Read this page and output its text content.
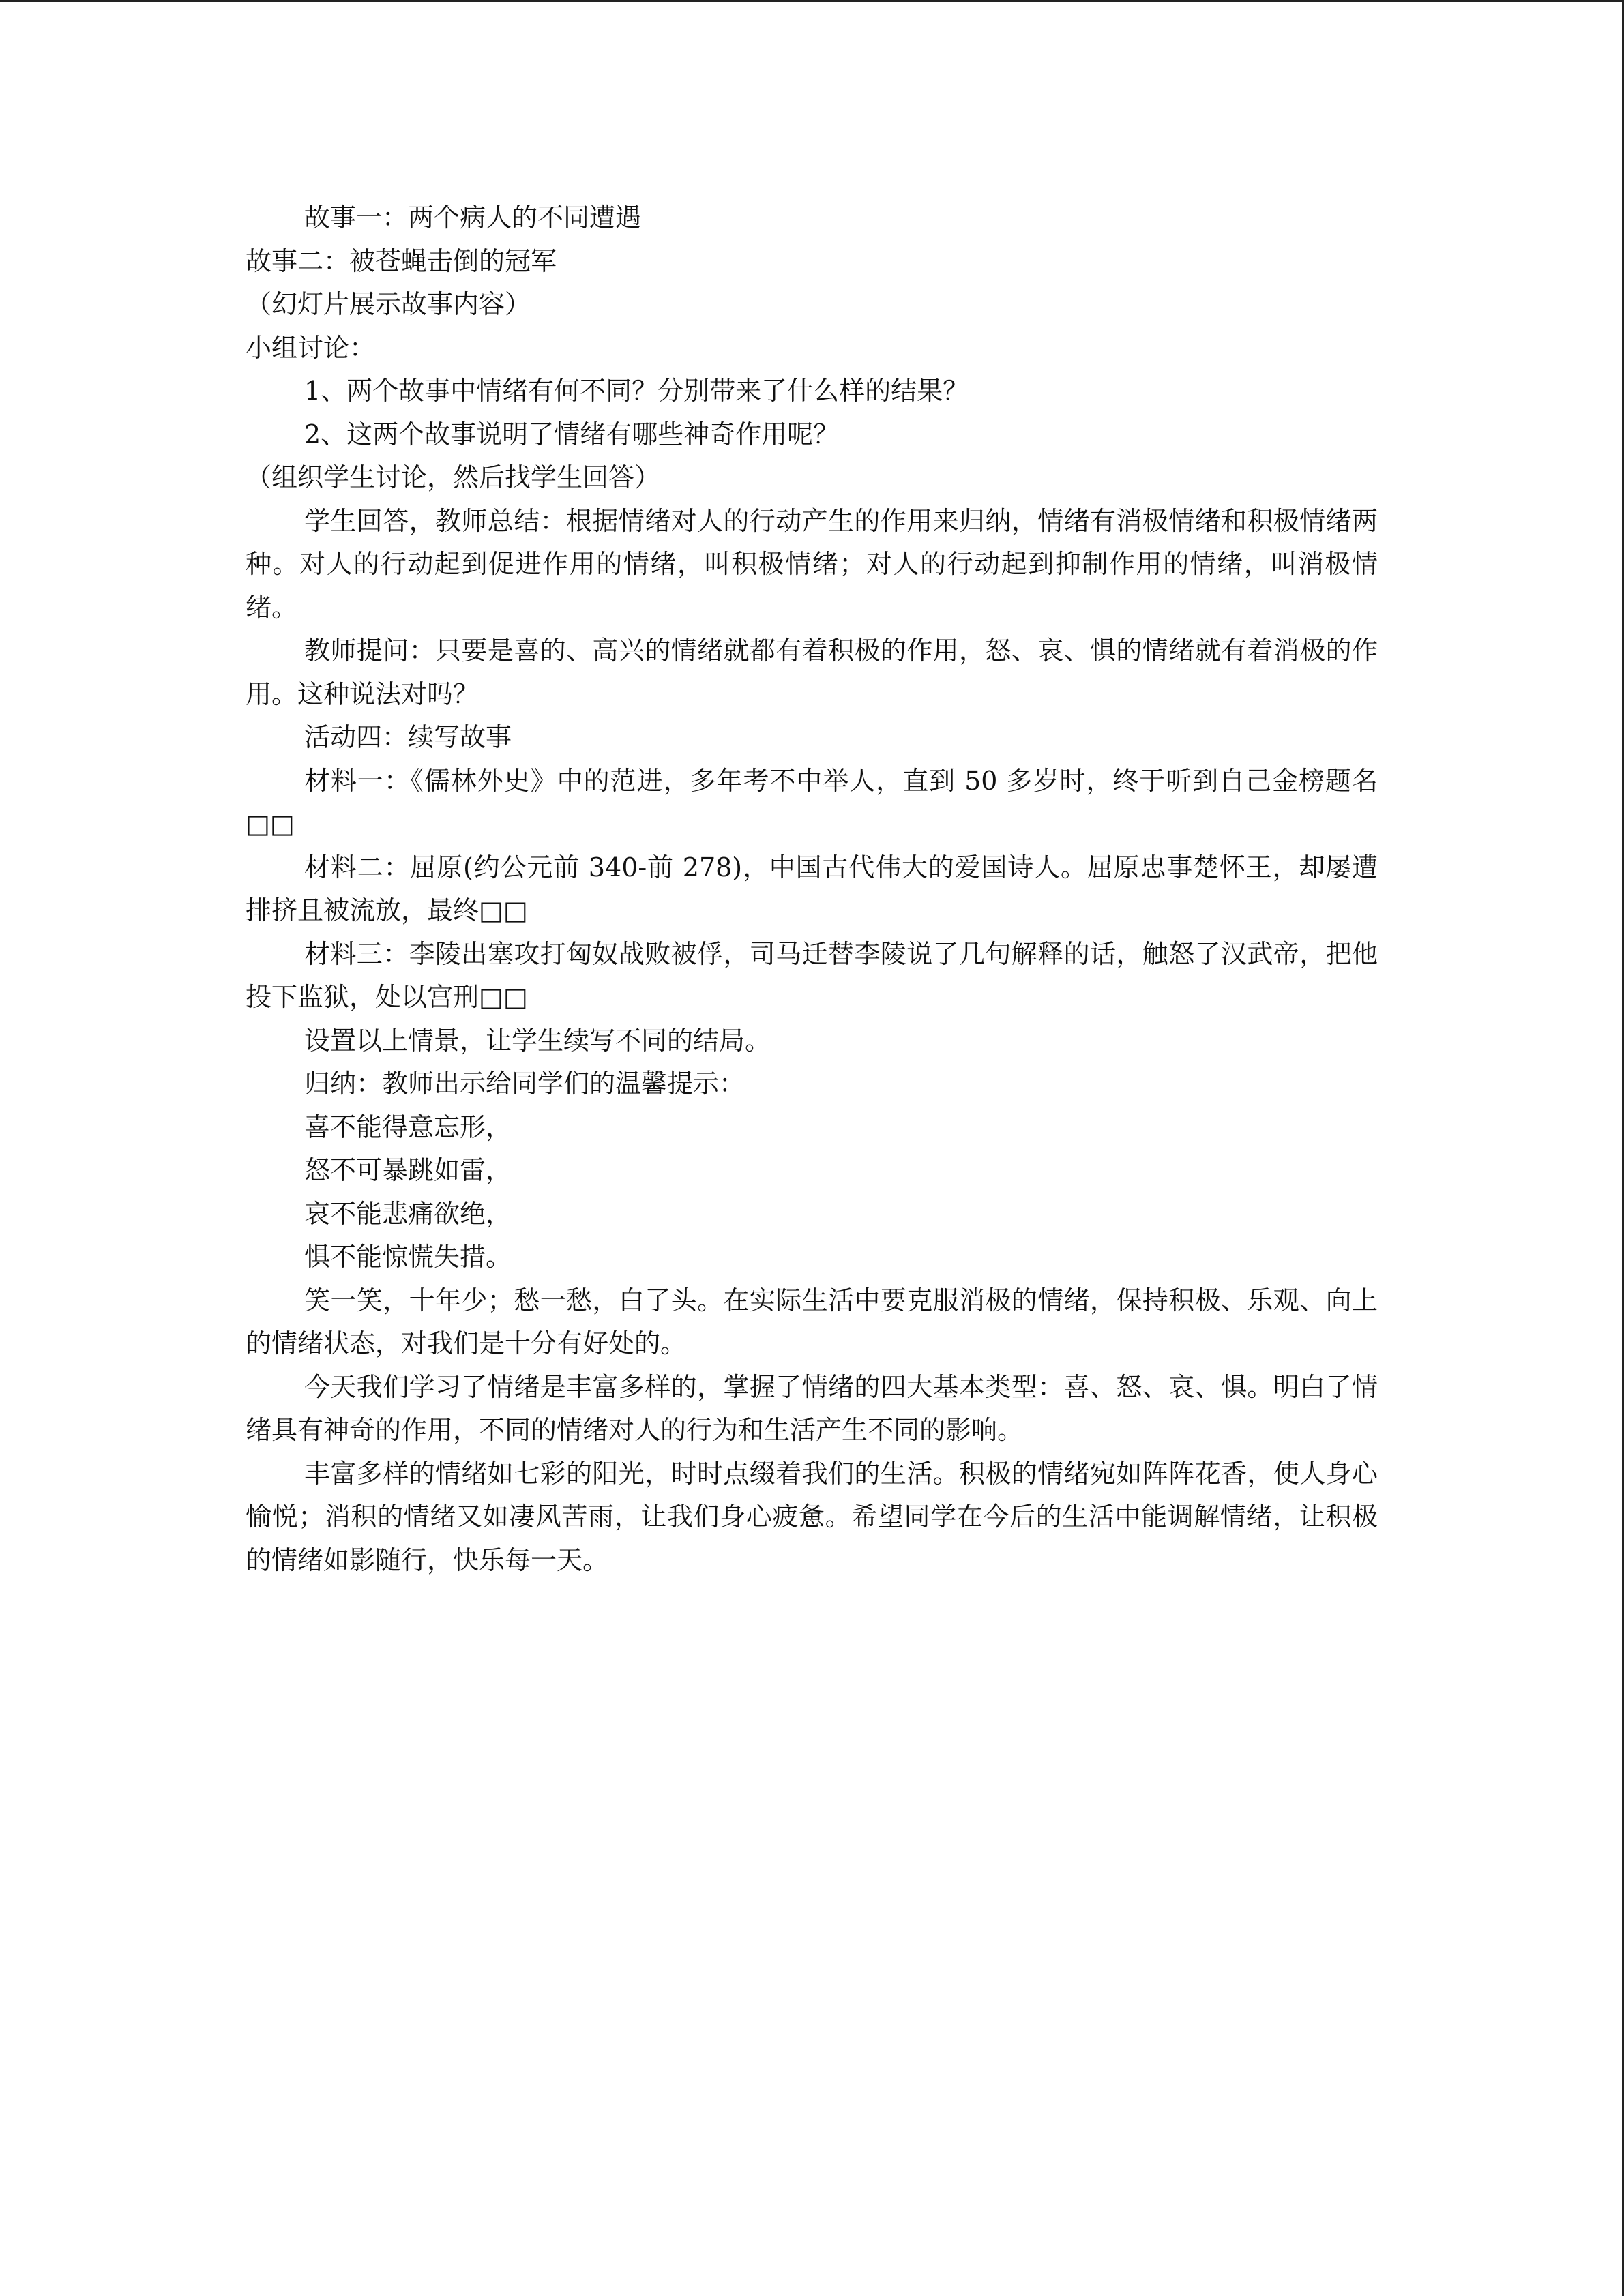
故事一：两个病人的不同遭遇

故事二：被苍蝇击倒的冠军

（幻灯片展示故事内容）

小组讨论：

1、两个故事中情绪有何不同？分别带来了什么样的结果？

2、这两个故事说明了情绪有哪些神奇作用呢？

（组织学生讨论，然后找学生回答）

学生回答，教师总结：根据情绪对人的行动产生的作用来归纳，情绪有消极情绪和积极情绪两种。对人的行动起到促进作用的情绪，叫积极情绪；对人的行动起到抑制作用的情绪，叫消极情绪。

教师提问：只要是喜的、高兴的情绪就都有着积极的作用，怒、哀、惧的情绪就有着消极的作用。这种说法对吗？

活动四：续写故事

材料一：《儒林外史》中的范进，多年考不中举人，直到 50 多岁时，终于听到自己金榜题名□□

材料二：屈原(约公元前 340-前 278)，中国古代伟大的爱国诗人。屈原忠事楚怀王，却屡遭排挤且被流放，最终□□

材料三：李陵出塞攻打匈奴战败被俘，司马迁替李陵说了几句解释的话，触怒了汉武帝，把他投下监狱，处以宫刑□□

设置以上情景，让学生续写不同的结局。

归纳：教师出示给同学们的温馨提示：

喜不能得意忘形，

怒不可暴跳如雷，

哀不能悲痛欲绝，

惧不能惊慌失措。

笑一笑，十年少；愁一愁，白了头。在实际生活中要克服消极的情绪，保持积极、乐观、向上的情绪状态，对我们是十分有好处的。

今天我们学习了情绪是丰富多样的，掌握了情绪的四大基本类型：喜、怒、哀、惧。明白了情绪具有神奇的作用，不同的情绪对人的行为和生活产生不同的影响。

丰富多样的情绪如七彩的阳光，时时点缀着我们的生活。积极的情绪宛如阵阵花香，使人身心愉悦；消积的情绪又如凄风苦雨，让我们身心疲惫。希望同学在今后的生活中能调解情绪，让积极的情绪如影随行，快乐每一天。
